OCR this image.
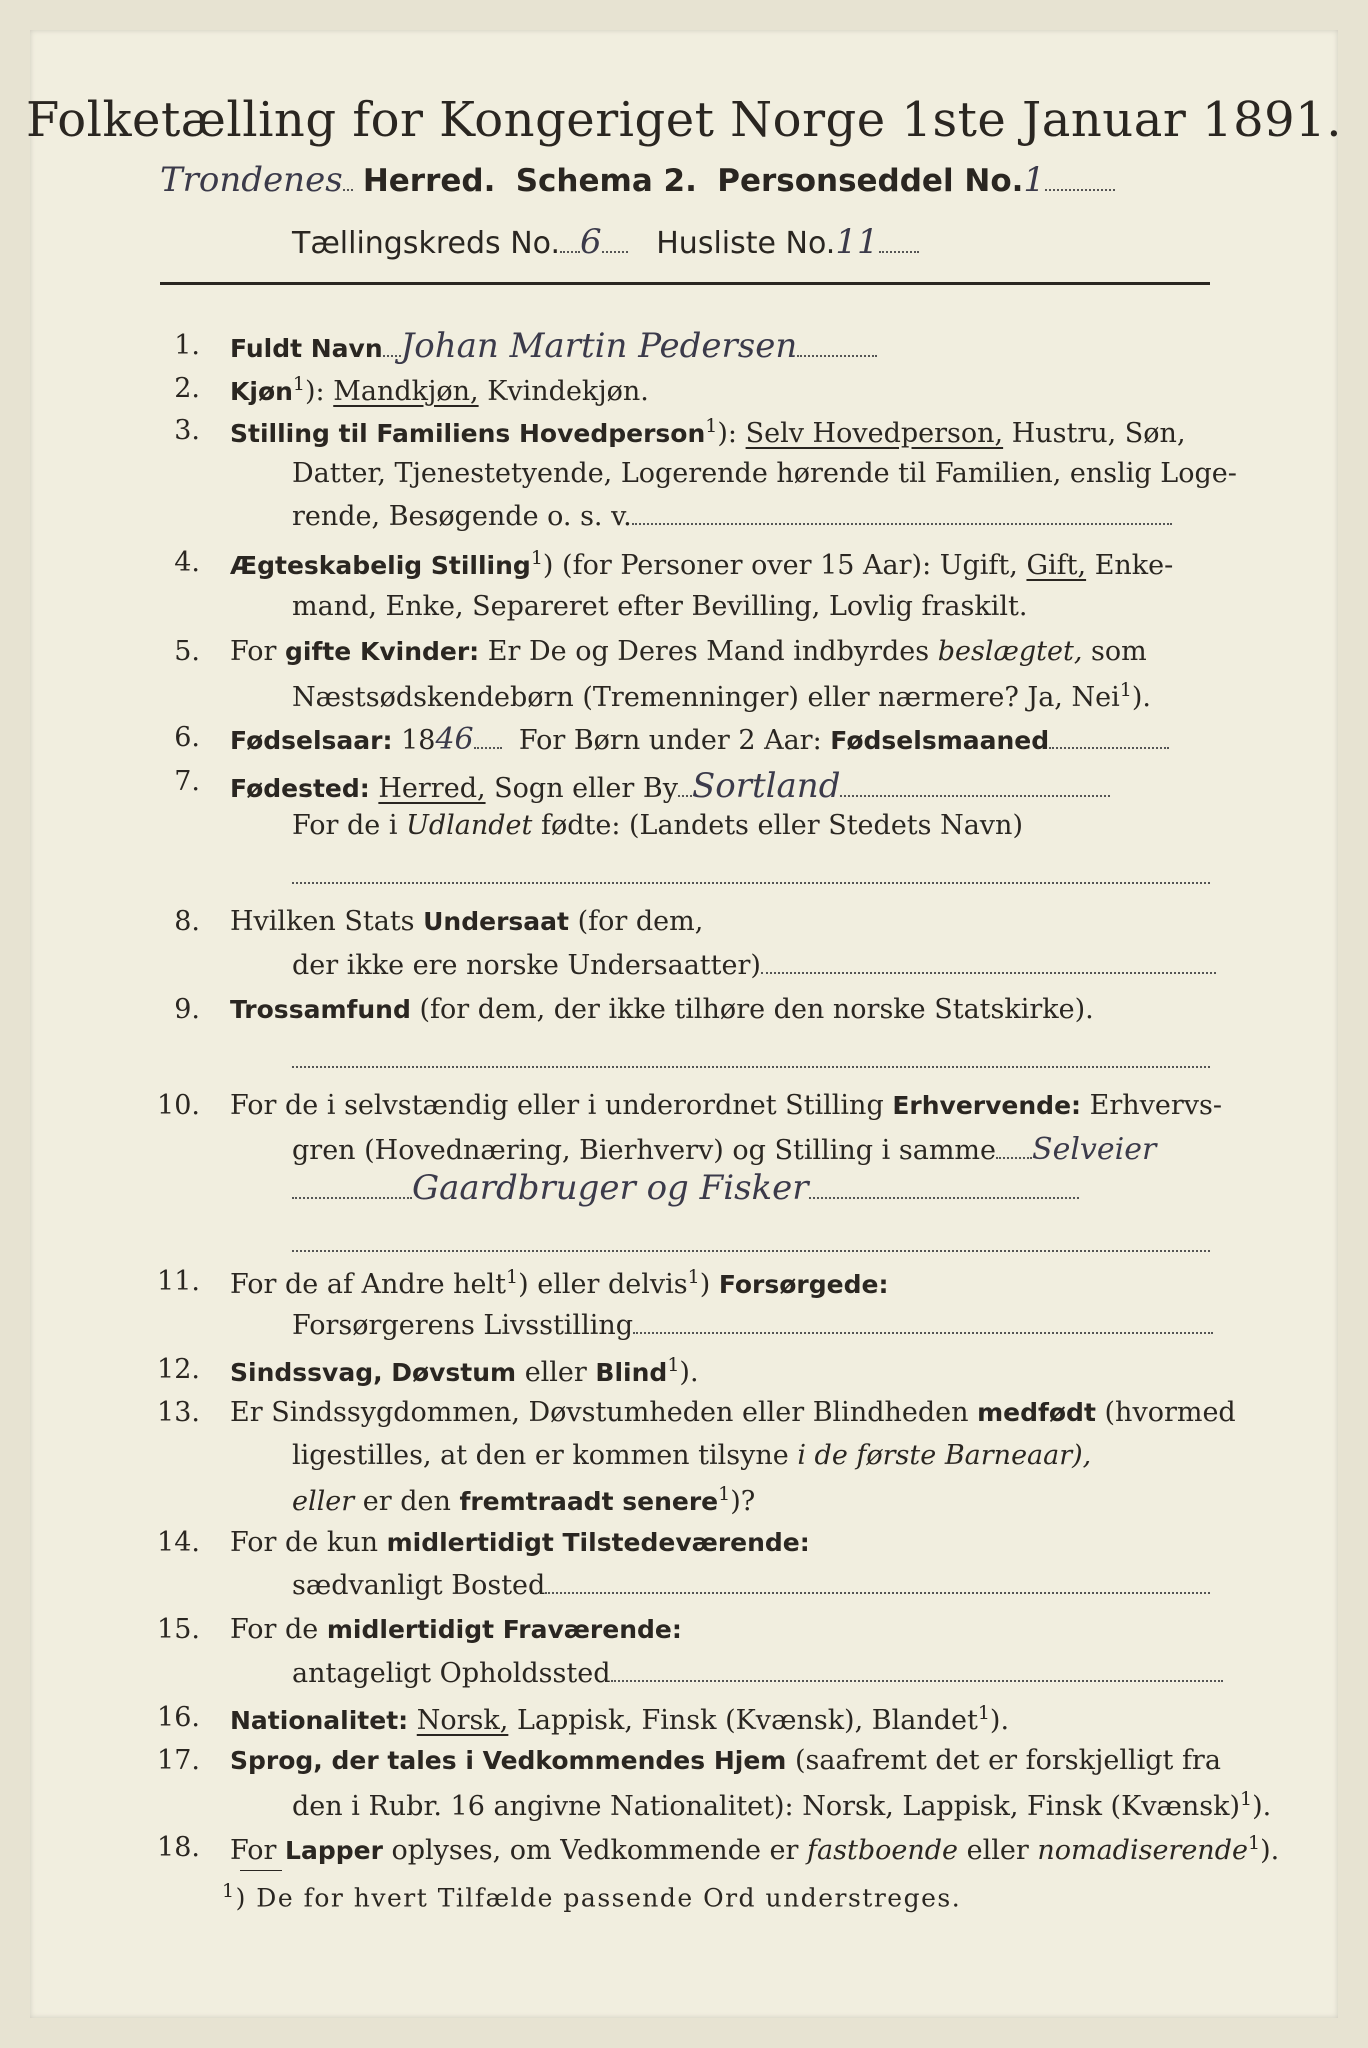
Folketælling for Kongeriget Norge 1ste Januar 1891.
Trondenes Herred. Schema 2. Personseddel No.1
Tællingskreds No. 6 Husliste No.11
1. Fuldt Navn Johan Martin Pedersen
2. Kjøn$^1$): Mandkjøn, Kvindekjøn.
3. Stilling til Familiens Hovedperson$^1$): Selv Hovedperson, Hustru, Søn,
Datter, Tjenestetyende, Logerende hørende til Familien, enslig Loge-
rende, Besøgende o. s. v.
4. Ægteskabelig Stilling$^1$) (for Personer over 15 Aar): Ugift, Gift, Enke-
mand, Enke, Separeret efter Bevilling, Lovlig fraskilt.
5. For gifte Kvinder: Er De og Deres Mand indbyrdes beslægtet, som
Næstsødskendebørn (Tremenninger) eller nærmere? Ja, Nei$^1$).
6. Fødselsaar: 1846 For Børn under 2 Aar: Fødselsmaaned
7. Fødested: Herred, Sogn eller By Sortland
For de i Udlandet fødte: (Landets eller Stedets Navn)
8. Hvilken Stats Undersaat (for dem,
der ikke ere norske Undersaatter)
9. Trossamfund (for dem, der ikke tilhøre den norske Statskirke).
10. For de i selvstændig eller i underordnet Stilling Erhvervende: Erhvervs-
gren (Hovednæring, Bierhverv) og Stilling i samme Selveier
Gaardbruger og Fisker
11. For de af Andre helt$^1$) eller delvis$^1$) Forsørgede:
Forsørgerens Livsstilling
12. Sindssvag, Døvstum eller Blind$^1$).
13. Er Sindssygdommen, Døvstumheden eller Blindheden medfødt (hvormed
ligestilles, at den er kommen tilsyne i de første Barneaar),
eller er den fremtraadt senere$^1$)?
14. For de kun midlertidigt Tilstedeværende:
sædvanligt Bosted
15. For de midlertidigt Fraværende:
antageligt Opholdssted
16. Nationalitet: Norsk, Lappisk, Finsk (Kvænsk), Blandet$^1$).
17. Sprog, der tales i Vedkommendes Hjem (saafremt det er forskjelligt fra
den i Rubr. 16 angivne Nationalitet): Norsk, Lappisk, Finsk (Kvænsk)$^1$).
18. For Lapper oplyses, om Vedkommende er fastboende eller nomadiserende$^1$).
$^1$) De for hvert Tilfælde passende Ord understreges.
